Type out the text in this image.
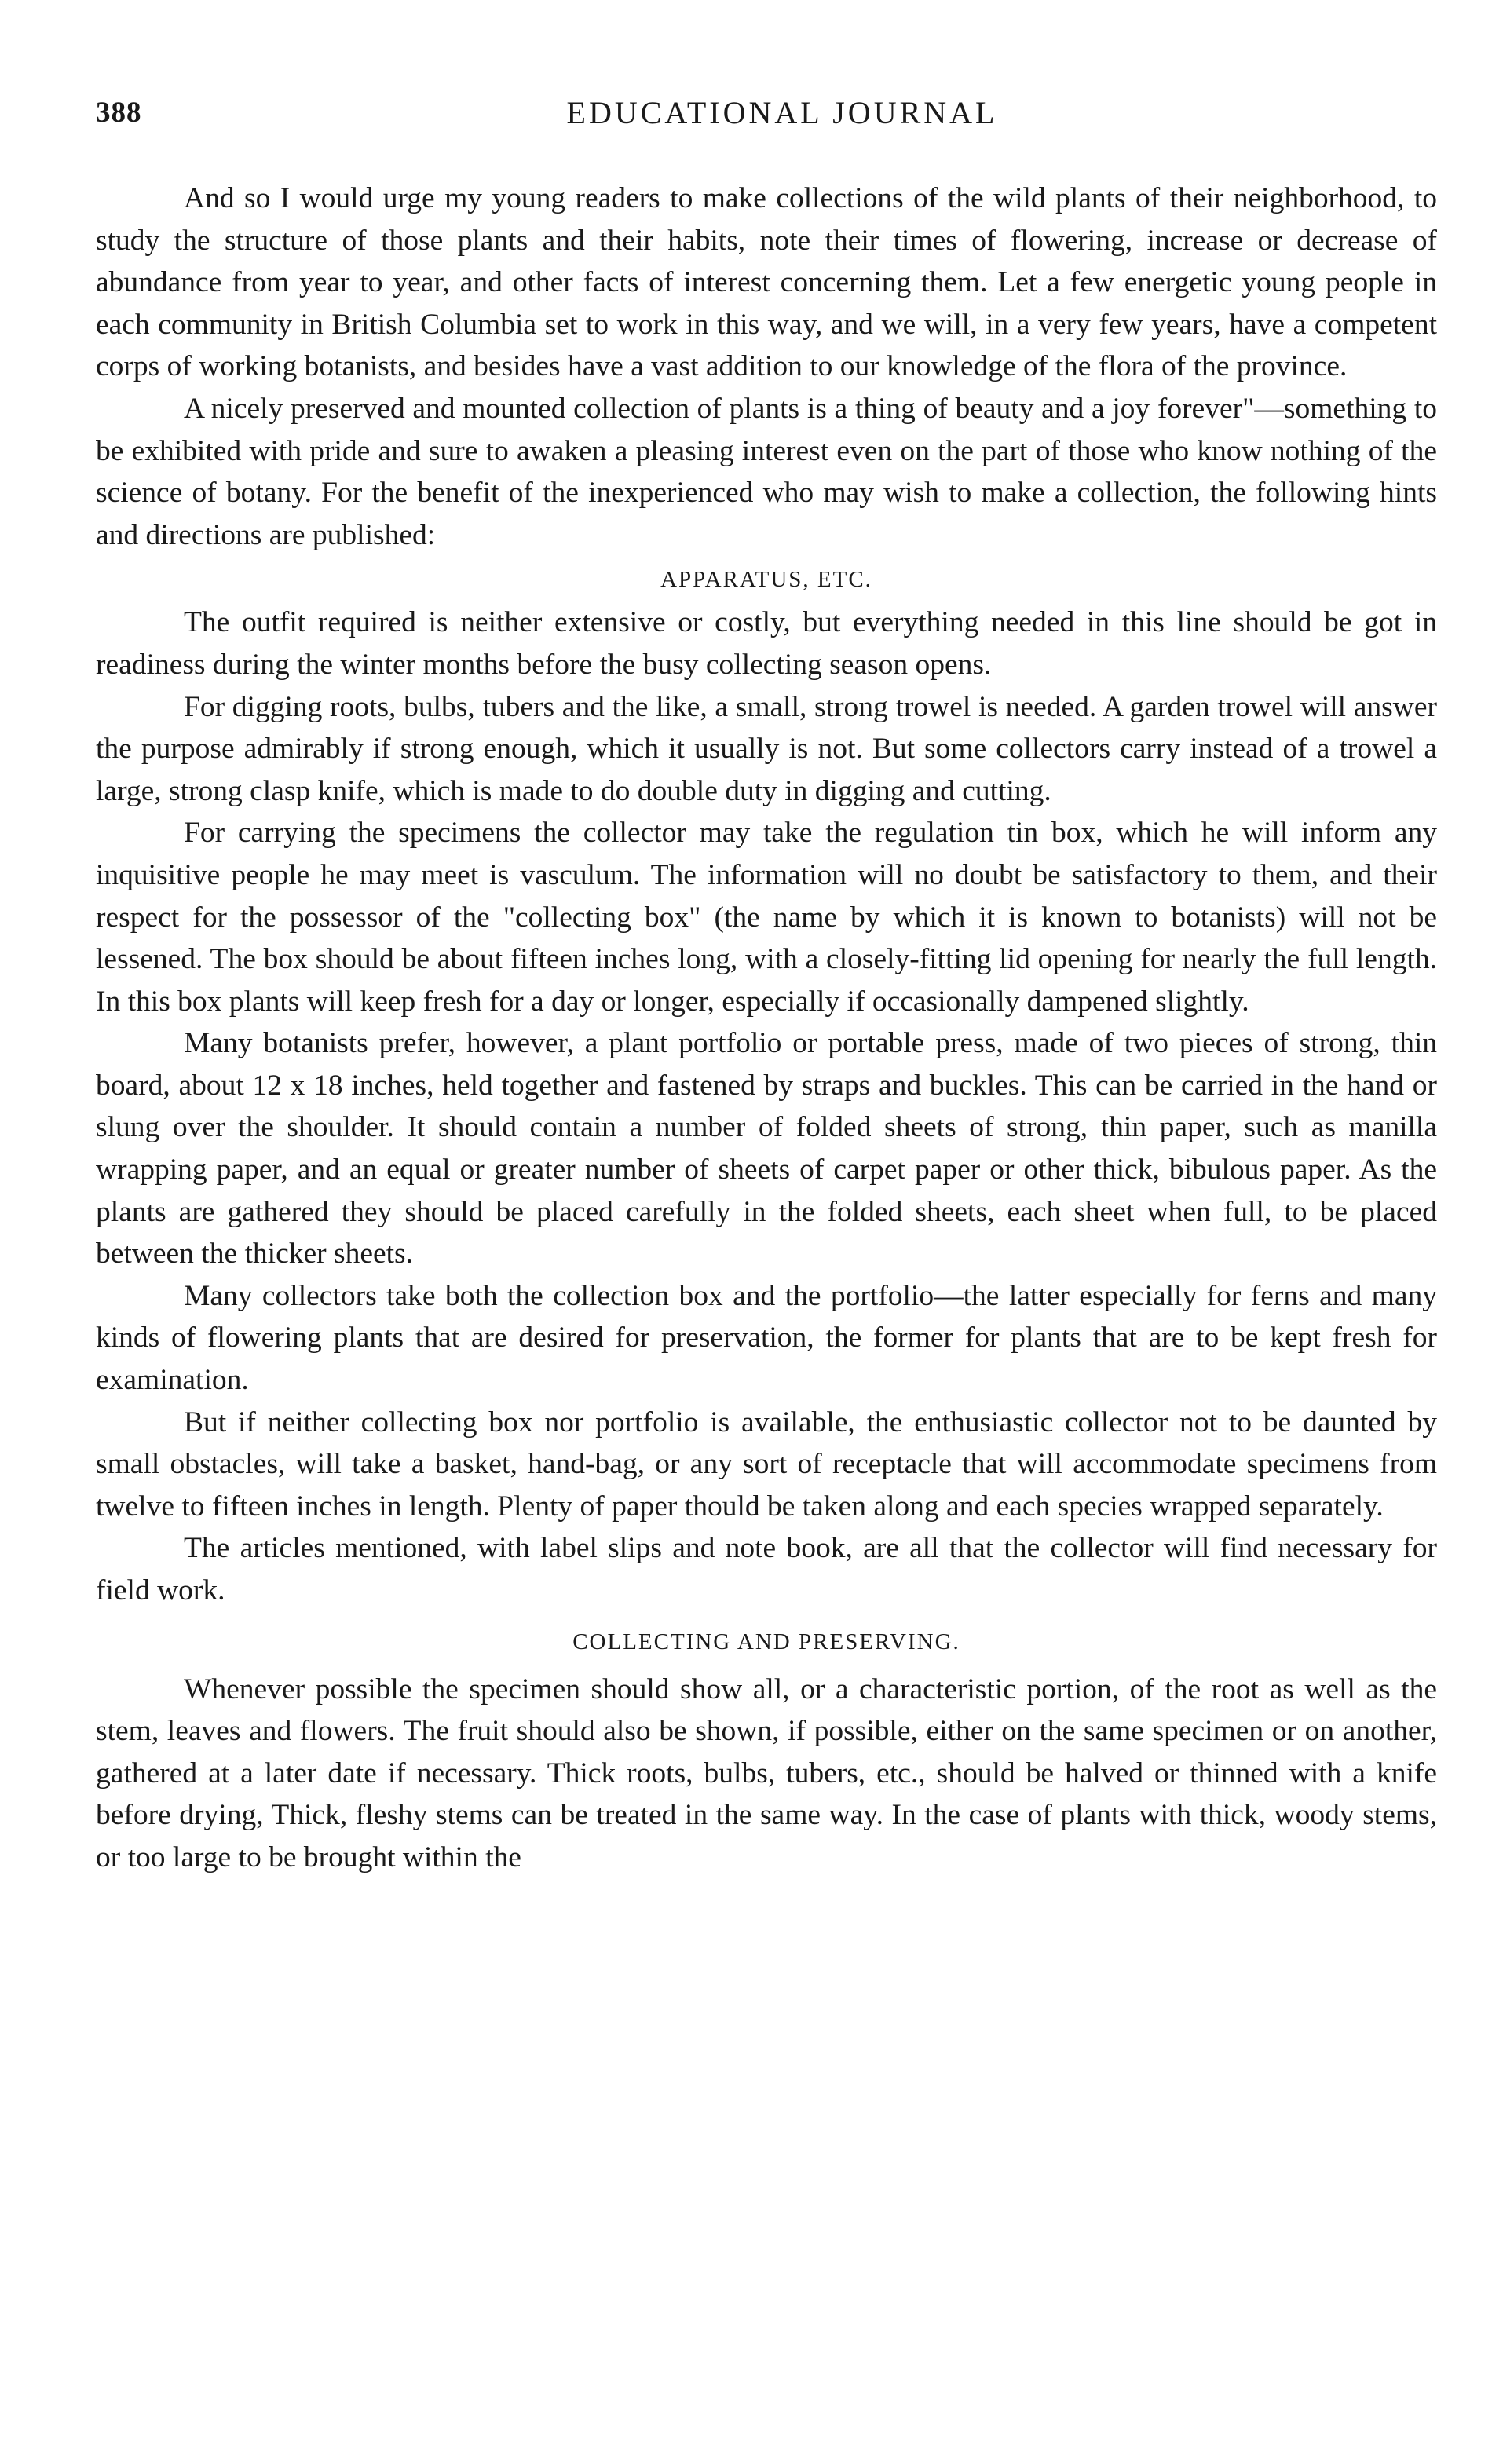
388	EDUCATIONAL JOURNAL

And so I would urge my young readers to make collections of the wild plants of their neighborhood, to study the structure of those plants and their habits, note their times of flowering, increase or decrease of abundance from year to year, and other facts of interest concerning them. Let a few energetic young people in each community in British Columbia set to work in this way, and we will, in a very few years, have a competent corps of working botanists, and besides have a vast addition to our knowledge of the flora of the province.

A nicely preserved and mounted collection of plants is a thing of beauty and a joy forever"—something to be exhibited with pride and sure to awaken a pleasing interest even on the part of those who know nothing of the science of botany. For the benefit of the inexperienced who may wish to make a collection, the following hints and directions are published:

APPARATUS, ETC.

The outfit required is neither extensive or costly, but everything needed in this line should be got in readiness during the winter months before the busy collecting season opens.

For digging roots, bulbs, tubers and the like, a small, strong trowel is needed. A garden trowel will answer the purpose admirably if strong enough, which it usually is not. But some collectors carry instead of a trowel a large, strong clasp knife, which is made to do double duty in digging and cutting.

For carrying the specimens the collector may take the regulation tin box, which he will inform any inquisitive people he may meet is vasculum. The information will no doubt be satisfactory to them, and their respect for the possessor of the "collecting box" (the name by which it is known to botanists) will not be lessened. The box should be about fifteen inches long, with a closely-fitting lid opening for nearly the full length. In this box plants will keep fresh for a day or longer, especially if occasionally dampened slightly.

Many botanists prefer, however, a plant portfolio or portable press, made of two pieces of strong, thin board, about 12 x 18 inches, held together and fastened by straps and buckles. This can be carried in the hand or slung over the shoulder. It should contain a number of folded sheets of strong, thin paper, such as manilla wrapping paper, and an equal or greater number of sheets of carpet paper or other thick, bibulous paper. As the plants are gathered they should be placed carefully in the folded sheets, each sheet when full, to be placed between the thicker sheets.

Many collectors take both the collection box and the portfolio—the latter especially for ferns and many kinds of flowering plants that are desired for preservation, the former for plants that are to be kept fresh for examination.

But if neither collecting box nor portfolio is available, the enthusiastic collector not to be daunted by small obstacles, will take a basket, hand-bag, or any sort of receptacle that will accommodate specimens from twelve to fifteen inches in length. Plenty of paper thould be taken along and each species wrapped separately.

The articles mentioned, with label slips and note book, are all that the collector will find necessary for field work.

COLLECTING AND PRESERVING.

Whenever possible the specimen should show all, or a characteristic portion, of the root as well as the stem, leaves and flowers. The fruit should also be shown, if possible, either on the same specimen or on another, gathered at a later date if necessary. Thick roots, bulbs, tubers, etc., should be halved or thinned with a knife before drying, Thick, fleshy stems can be treated in the same way. In the case of plants with thick, woody stems, or too large to be brought within the
